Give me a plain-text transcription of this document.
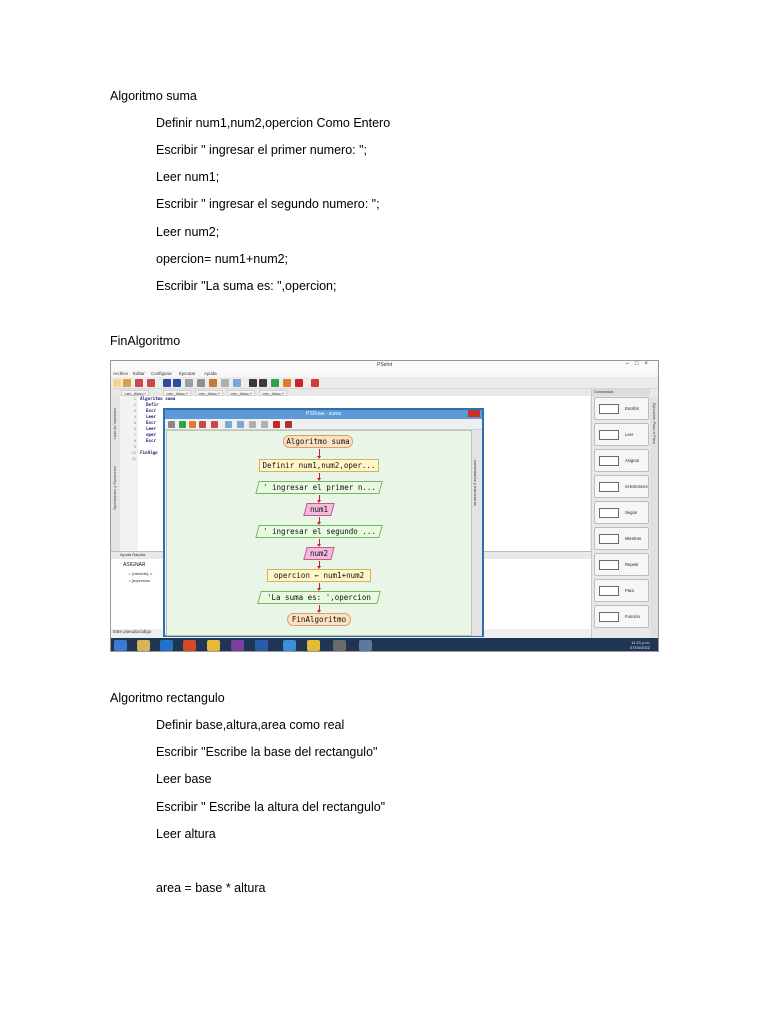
Algoritmo suma
Definir num1,num2,opercion Como Entero
Escribir " ingresar el primer numero: ";
Leer num1;
Escribir " ingresar el segundo numero: ";
Leer num2;
opercion= num1+num2;
Escribir "La suma es: ",opercion;
FinAlgoritmo
PSeInt	–□×
Archivo Editar Configurar Ejecutar Ayuda
<sin_titulo>*	<sin_titulo>*	<sin_titulo>*	<sin_titulo>*	<sin_titulo>*
Lista de Variables
Operadores y Funciones
1
2
3
4
5
6
7
8
9
10
11
Algoritmo suma
Defir
Escr
Leer
Escr
Leer
oper
Escr
FinAlgo
Ayuda Rápida
ASIGNAR
• {variable}: c
• {expresion
Este pseudocódigo
Comandos
Ejecución Paso a Paso
Escribir
Leer
Asignar
Si-Entonces
Según
Mientras
Repetir
Para
Función
PSDraw - suma
Algoritmo suma
Definir num1,num2,oper...
' ingresar el primer n...
num1
' ingresar el segundo ...
num2
opercion ← num1+num2
'La suma es: ',opercion
FinAlgoritmo
comentarios y estructuras
11:21 p.m.
07/04/2022
Algoritmo rectangulo
Definir base,altura,area como real
Escribir "Escribe la base del rectangulo"
Leer base
Escribir " Escribe la altura del rectangulo"
Leer altura
area = base * altura
